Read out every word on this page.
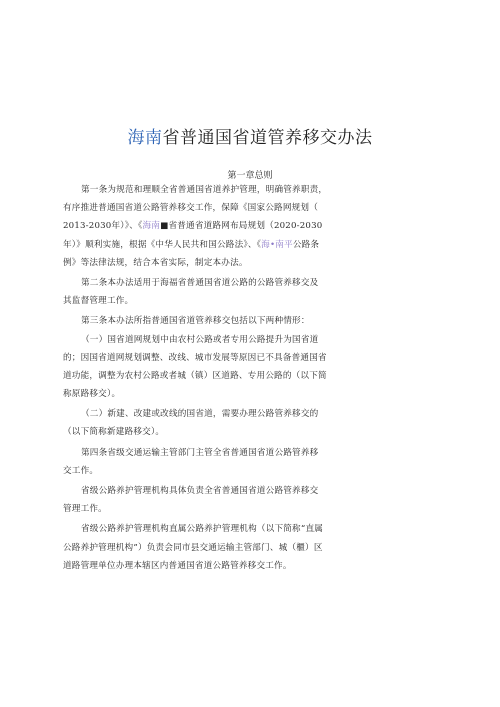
海南省普通国省道管养移交办法
第一章总则
第一条为规范和理顺全省普通国省道养护管理，明确管养职责，
有序推进普通国省道公路管养移交工作，保障《国家公路网规划（
2013-2030年）》、《海南■省普通省道路网布局规划（2020-2030
年）》顺利实施，根据《中华人民共和国公路法》、《海•南平公路条
例》等法律法规，结合本省实际，制定本办法。
第二条本办法适用于海福省普通国省道公路的公路管养移交及
其监督管理工作。
第三条本办法所指普通国省道管养移交包括以下两种情形：
（一）国省道网规划中由农村公路或者专用公路提升为国省道
的；因国省道网规划调整、改线、城市发展等原因已不具备普通国省
道功能，调整为农村公路或者城（镇）区道路、专用公路的（以下简
称原路移交）。
（二）新建、改建或改线的国省道，需要办理公路管养移交的
（以下简称新建路移交）。
第四条省级交通运输主管部门主管全省普通国省道公路管养移
交工作。
省级公路养护管理机构具体负责全省普通国省道公路管养移交
管理工作。
省级公路养护管理机构直属公路养护管理机构（以下简称“直属
公路养护管理机构”）负责会同市县交通运输主管部门、城（櫃）区
道路管理单位办理本辖区内普通国省道公路管养移交工作。
